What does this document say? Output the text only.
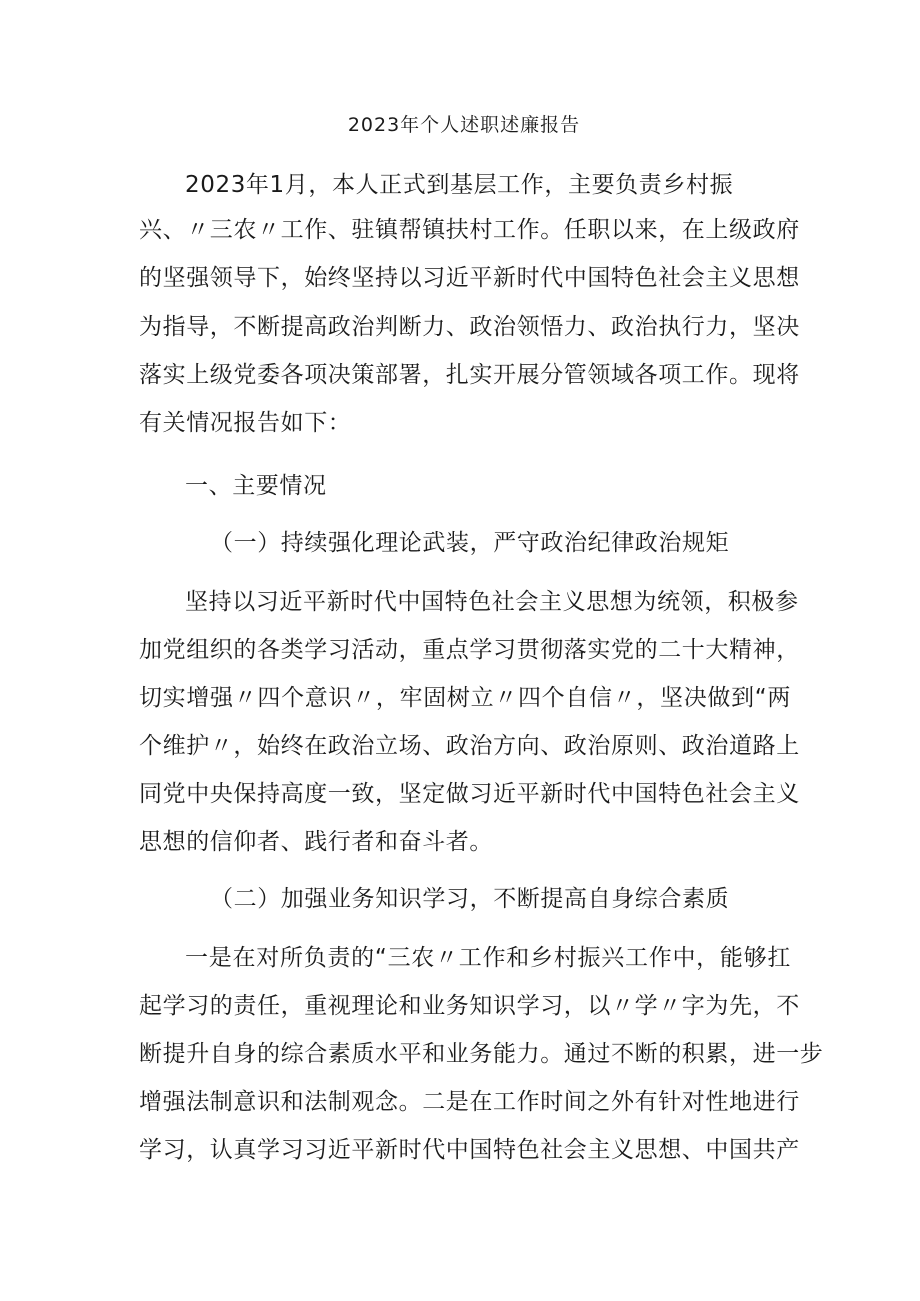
2023年个人述职述廉报告
2023年1月，本人正式到基层工作，主要负责乡村振
兴、〃三农〃工作、驻镇帮镇扶村工作。任职以来，在上级政府
的坚强领导下，始终坚持以习近平新时代中国特色社会主义思想
为指导，不断提高政治判断力、政治领悟力、政治执行力，坚决
落实上级党委各项决策部署，扎实开展分管领域各项工作。现将
有关情况报告如下：
一、主要情况
（一）持续强化理论武装，严守政治纪律政治规矩
坚持以习近平新时代中国特色社会主义思想为统领，积极参
加党组织的各类学习活动，重点学习贯彻落实党的二十大精神，
切实增强〃四个意识〃，牢固树立〃四个自信〃，坚决做到“两
个维护〃，始终在政治立场、政治方向、政治原则、政治道路上
同党中央保持高度一致，坚定做习近平新时代中国特色社会主义
思想的信仰者、践行者和奋斗者。
（二）加强业务知识学习，不断提高自身综合素质
一是在对所负责的“三农〃工作和乡村振兴工作中，能够扛
起学习的责任，重视理论和业务知识学习，以〃学〃字为先，不
断提升自身的综合素质水平和业务能力。通过不断的积累，进一步
增强法制意识和法制观念。二是在工作时间之外有针对性地进行
学习，认真学习习近平新时代中国特色社会主义思想、中国共产
